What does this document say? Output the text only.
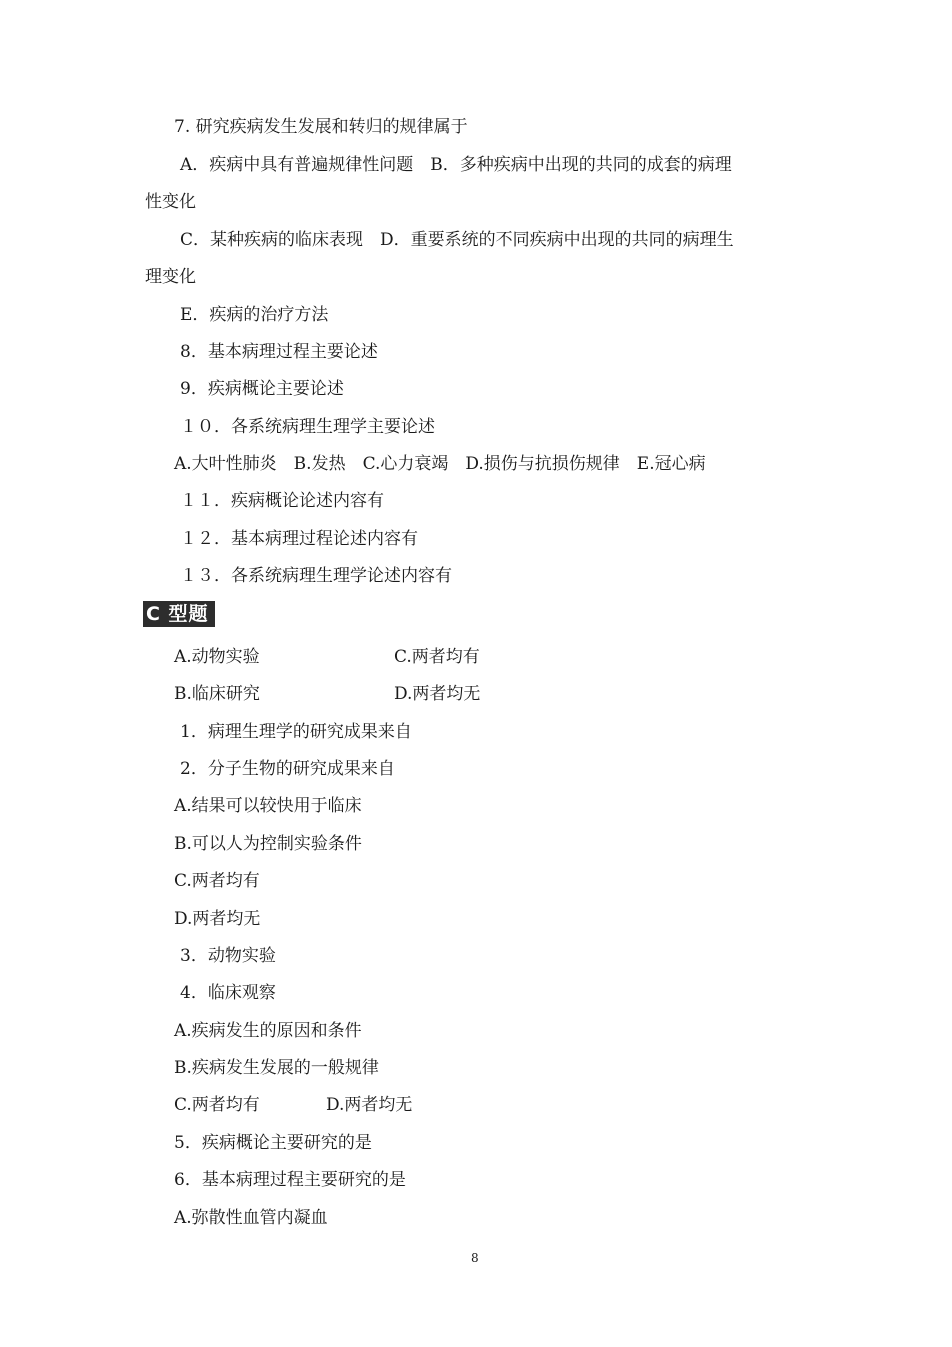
7. 研究疾病发生发展和转归的规律属于
A．疾病中具有普遍规律性问题　B．多种疾病中出现的共同的成套的病理
性变化
C．某种疾病的临床表现　D．重要系统的不同疾病中出现的共同的病理生
理变化
E．疾病的治疗方法
8．基本病理过程主要论述
9．疾病概论主要论述
１０．各系统病理生理学主要论述
A.大叶性肺炎　B.发热　C.心力衰竭　D.损伤与抗损伤规律　E.冠心病
１１．疾病概论论述内容有
１２．基本病理过程论述内容有
１３．各系统病理生理学论述内容有
C 型题
A.动物实验	C.两者均有
B.临床研究	D.两者均无
1．病理生理学的研究成果来自
2．分子生物的研究成果来自
A.结果可以较快用于临床
B.可以人为控制实验条件
C.两者均有
D.两者均无
3．动物实验
4．临床观察
A.疾病发生的原因和条件
B.疾病发生发展的一般规律
C.两者均有	D.两者均无
5．疾病概论主要研究的是
6．基本病理过程主要研究的是
A.弥散性血管内凝血
8
